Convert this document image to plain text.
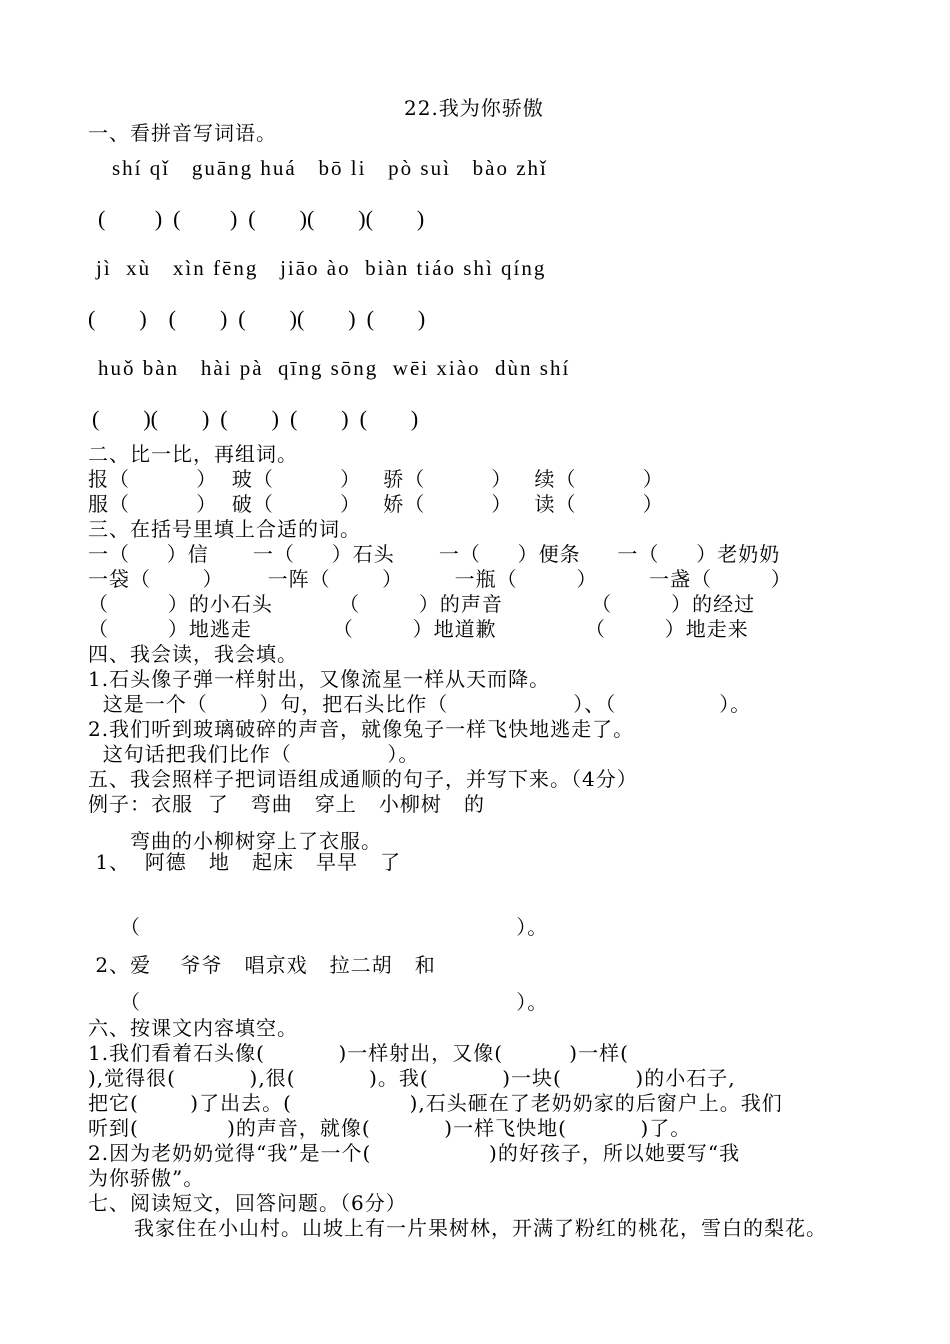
22.我为你骄傲
一、看拼音写词语。
shí qǐ   guāng huá   bō li   pò suì   bào zhǐ
(         )  (         )  (        )(        )(        )
jì  xù   xìn fēng   jiāo ào  biàn tiáo shì qíng
(        )    (        )  (        )(        )  (        )
huǒ bàn   hài pà  qīng sōng  wēi xiào  dùn shí
(        )(        )  (        )  (        )  (        )
二、比一比，再组词。
报（         ）  玻（         ）   骄（         ）   续（         ）
服（         ）  破（         ）   娇（         ）   读（         ）
三、在括号里填上合适的词。
一（     ）信      一（     ）石头      一（     ）便条     一（     ）老奶奶
一袋（       ）      一阵（       ）       一瓶（        ）       一盏（        ）
（        ）的小石头         （        ）的声音            （        ）的经过
（        ）地逃走           （        ）地道歉            （        ）地走来
四、我会读，我会填。
1.石头像子弹一样射出，又像流星一样从天而降。
这是一个（       ）句，把石头比作（                 ）、（              ）。
2.我们听到玻璃破碎的声音，就像兔子一样飞快地逃走了。
这句话把我们比作（             ）。
五、我会照样子把词语组成通顺的句子，并写下来。（4分）
例子：衣服  了   弯曲   穿上   小柳树   的
弯曲的小柳树穿上了衣服。
1、  阿德   地   起床   早早   了
（                                                   ）。
2、爱    爷爷   唱京戏   拉二胡   和
（                                                   ）。
六、按课文内容填空。
1.我们看着石头像(          )一样射出，又像(         )一样(
),觉得很(          ),很(          )。我(          )一块(          )的小石子,
把它(       )了出去。(                ),石头砸在了老奶奶家的后窗户上。我们
听到(            )的声音，就像(          )一样飞快地(          )了。
2.因为老奶奶觉得“我”是一个(                )的好孩子，所以她要写“我
为你骄傲”。
七、阅读短文，回答问题。（6分）
我家住在小山村。山坡上有一片果树林，开满了粉红的桃花，雪白的梨花。
